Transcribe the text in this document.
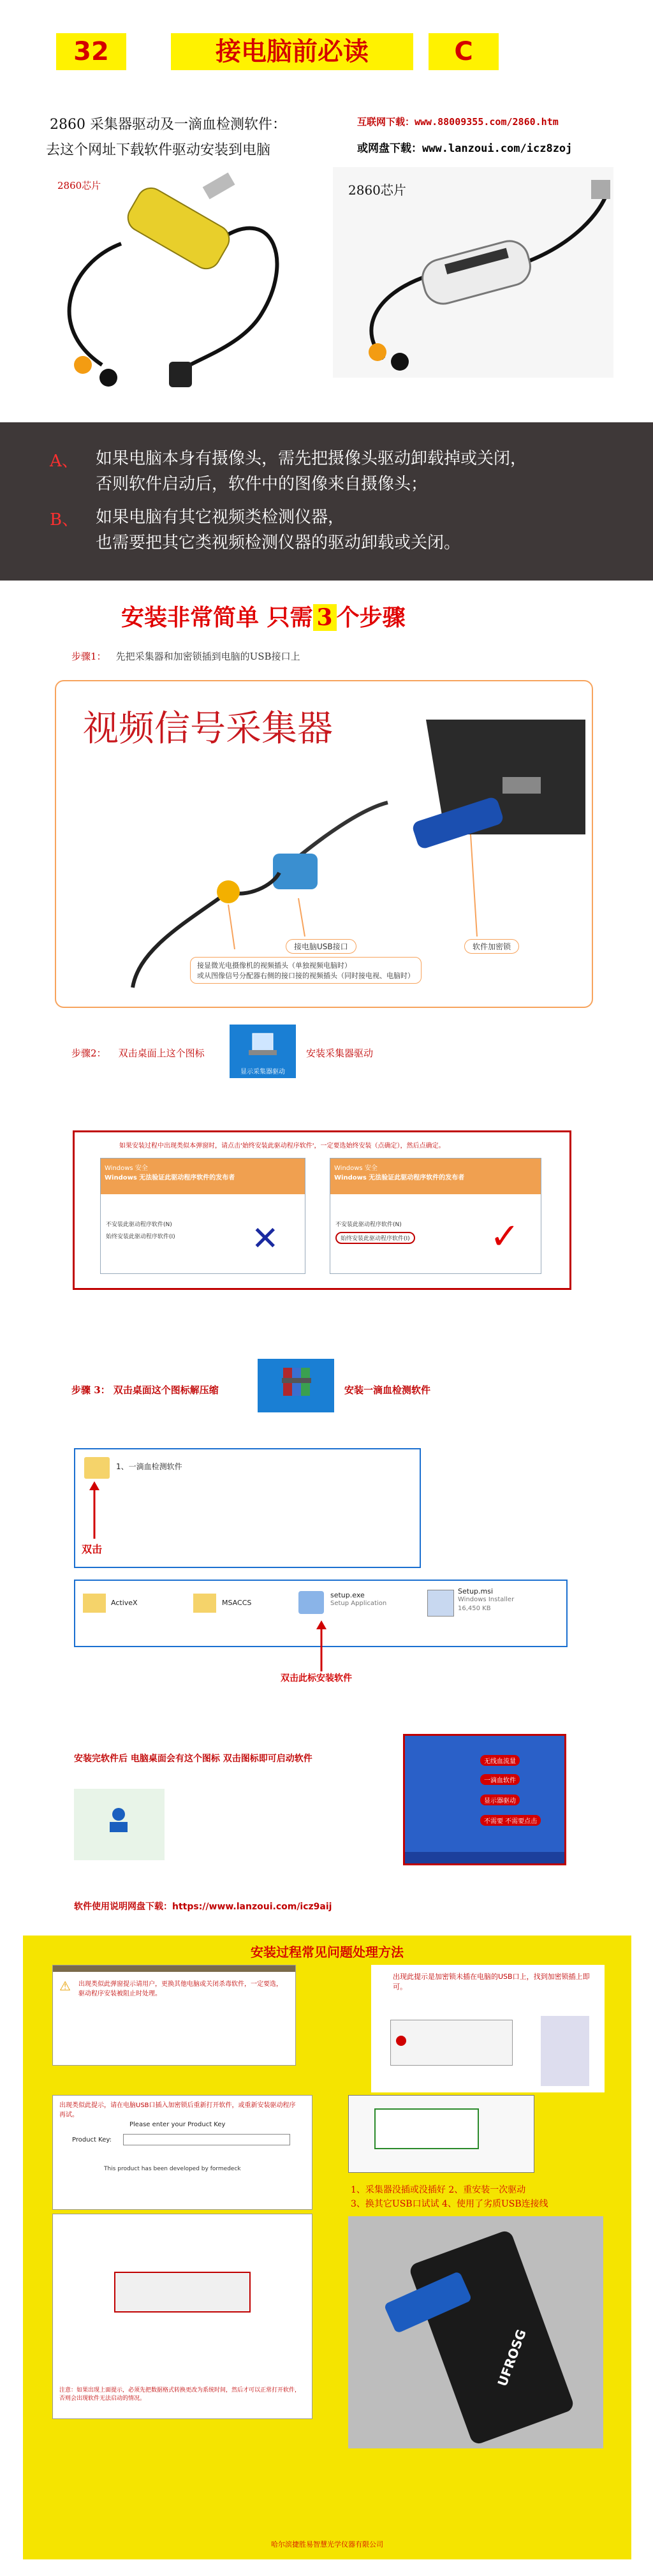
32	接电脑前必读	C
2860 采集器驱动及一滴血检测软件：
去这个网址下载软件驱动安装到电脑
互联网下载：www.88009355.com/2860.htm
或网盘下载：www.lanzoui.com/icz8zoj
2860芯片	2860芯片
A、 如果电脑本身有摄像头，需先把摄像头驱动卸载掉或关闭，
否则软件启动后，软件中的图像来自摄像头；
B、 如果电脑有其它视频类检测仪器，
也需要把其它类视频检测仪器的驱动卸载或关闭。
安装非常简单 只需 3 个步骤
步骤1： 先把采集器和加密锁插到电脑的USB接口上
视频信号采集器
接电脑USB接口	软件加密锁
接显微光电摄像机的视频插头（单独视频电脑时）
或从图像信号分配器右侧的接口接的视频插头（同时接电视、电脑时）
步骤2： 双击桌面上这个图标
显示采集器驱动
安装采集器驱动
如果安装过程中出现类似本弹窗时，请点击'始终安装此驱动程序软件'，一定要选始终安装（点确定），然后点确定。
Windows 安全
Windows 无法验证此驱动程序软件的发布者
不安装此驱动程序软件(N)
始终安装此驱动程序软件(I)	✕
Windows 安全
Windows 无法验证此驱动程序软件的发布者
不安装此驱动程序软件(N)
始终安装此驱动程序软件(I) ✓
步骤 3： 双击桌面这个图标解压缩	安装一滴血检测软件
1、一滴血检测软件
双击
ActiveX	MSACCS
setup.exe
Setup Application
Setup.msi
Windows Installer
16,450 KB
双击此标安装软件
安装完软件后 电脑桌面会有这个图标 双击图标即可启动软件	无线血流量
一滴血软件
显示器驱动
不需要 不需要点击
软件使用说明网盘下载：https://www.lanzoui.com/icz9aij
安装过程常见问题处理方法
⚠ 出现类似此弹窗提示请用户，更换其他电脑或关闭杀毒软件，一定要选，驱动程序安装被阻止时处理。
出现此提示是加密锁未插在电脑的USB口上，找到加密锁插上即可。
出现类似此提示，请在电脑USB口插入加密锁后重新打开软件，或重新安装驱动程序再试。
Please enter your Product Key
Product Key:
This product has been developed by formedeck
1、采集器没插或没插好 2、重安装一次驱动
3、换其它USB口试试 4、使用了劣质USB连接线
注意：如果出现上面提示，必须先把数据格式转换更改为系统时间，然后才可以正常打开软件，否则会出现软件无法启动的情况。
UFROSG
哈尔滨捷胜易智慧光学仪器有限公司
